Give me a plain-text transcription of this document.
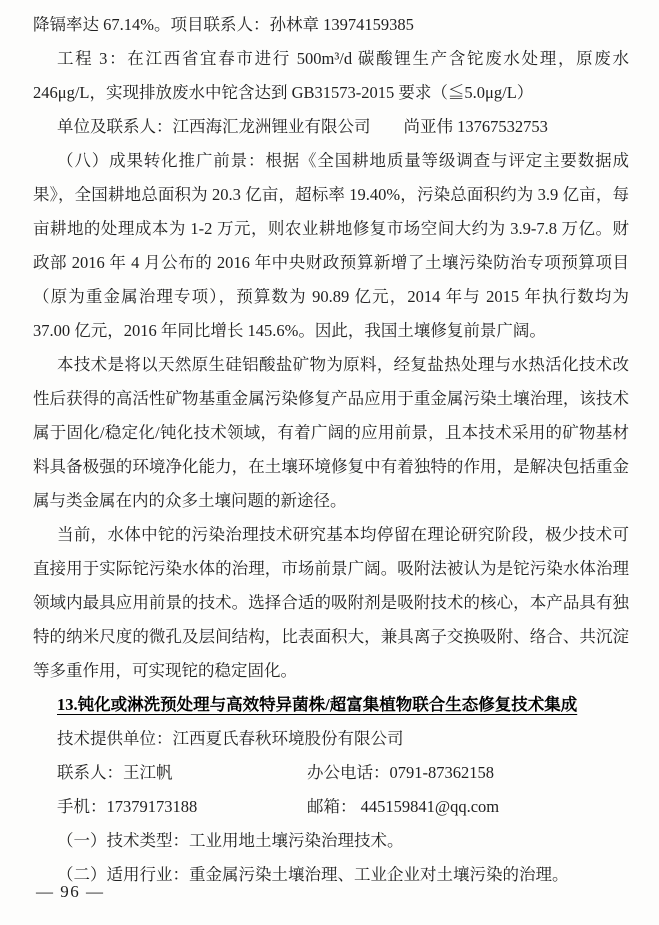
降镉率达 67.14%。项目联系人：孙林章 13974159385

工程 3：在江西省宜春市进行 500m³/d 碳酸锂生产含铊废水处理，原废水 246μg/L，实现排放废水中铊含达到 GB31573-2015 要求（≦5.0μg/L）

单位及联系人：江西海汇龙洲锂业有限公司　　尚亚伟 13767532753

（八）成果转化推广前景：根据《全国耕地质量等级调查与评定主要数据成果》，全国耕地总面积为 20.3 亿亩，超标率 19.40%，污染总面积约为 3.9 亿亩，每亩耕地的处理成本为 1-2 万元，则农业耕地修复市场空间大约为 3.9-7.8 万亿。财政部 2016 年 4 月公布的 2016 年中央财政预算新增了土壤污染防治专项预算项目（原为重金属治理专项），预算数为 90.89 亿元，2014 年与 2015 年执行数均为 37.00 亿元，2016 年同比增长 145.6%。因此，我国土壤修复前景广阔。

本技术是将以天然原生硅铝酸盐矿物为原料，经复盐热处理与水热活化技术改性后获得的高活性矿物基重金属污染修复产品应用于重金属污染土壤治理，该技术属于固化/稳定化/钝化技术领域，有着广阔的应用前景，且本技术采用的矿物基材料具备极强的环境净化能力，在土壤环境修复中有着独特的作用，是解决包括重金属与类金属在内的众多土壤问题的新途径。

当前，水体中铊的污染治理技术研究基本均停留在理论研究阶段，极少技术可直接用于实际铊污染水体的治理，市场前景广阔。吸附法被认为是铊污染水体治理领域内最具应用前景的技术。选择合适的吸附剂是吸附技术的核心，本产品具有独特的纳米尺度的微孔及层间结构，比表面积大，兼具离子交换吸附、络合、共沉淀等多重作用，可实现铊的稳定固化。

13.钝化或淋洗预处理与高效特异菌株/超富集植物联合生态修复技术集成

技术提供单位：江西夏氏春秋环境股份有限公司

联系人：王江帆	办公电话：0791-87362158
手机：17379173188	邮箱： 445159841@qq.com

（一）技术类型：工业用地土壤污染治理技术。

（二）适用行业：重金属污染土壤治理、工业企业对土壤污染的治理。

— 96 —
